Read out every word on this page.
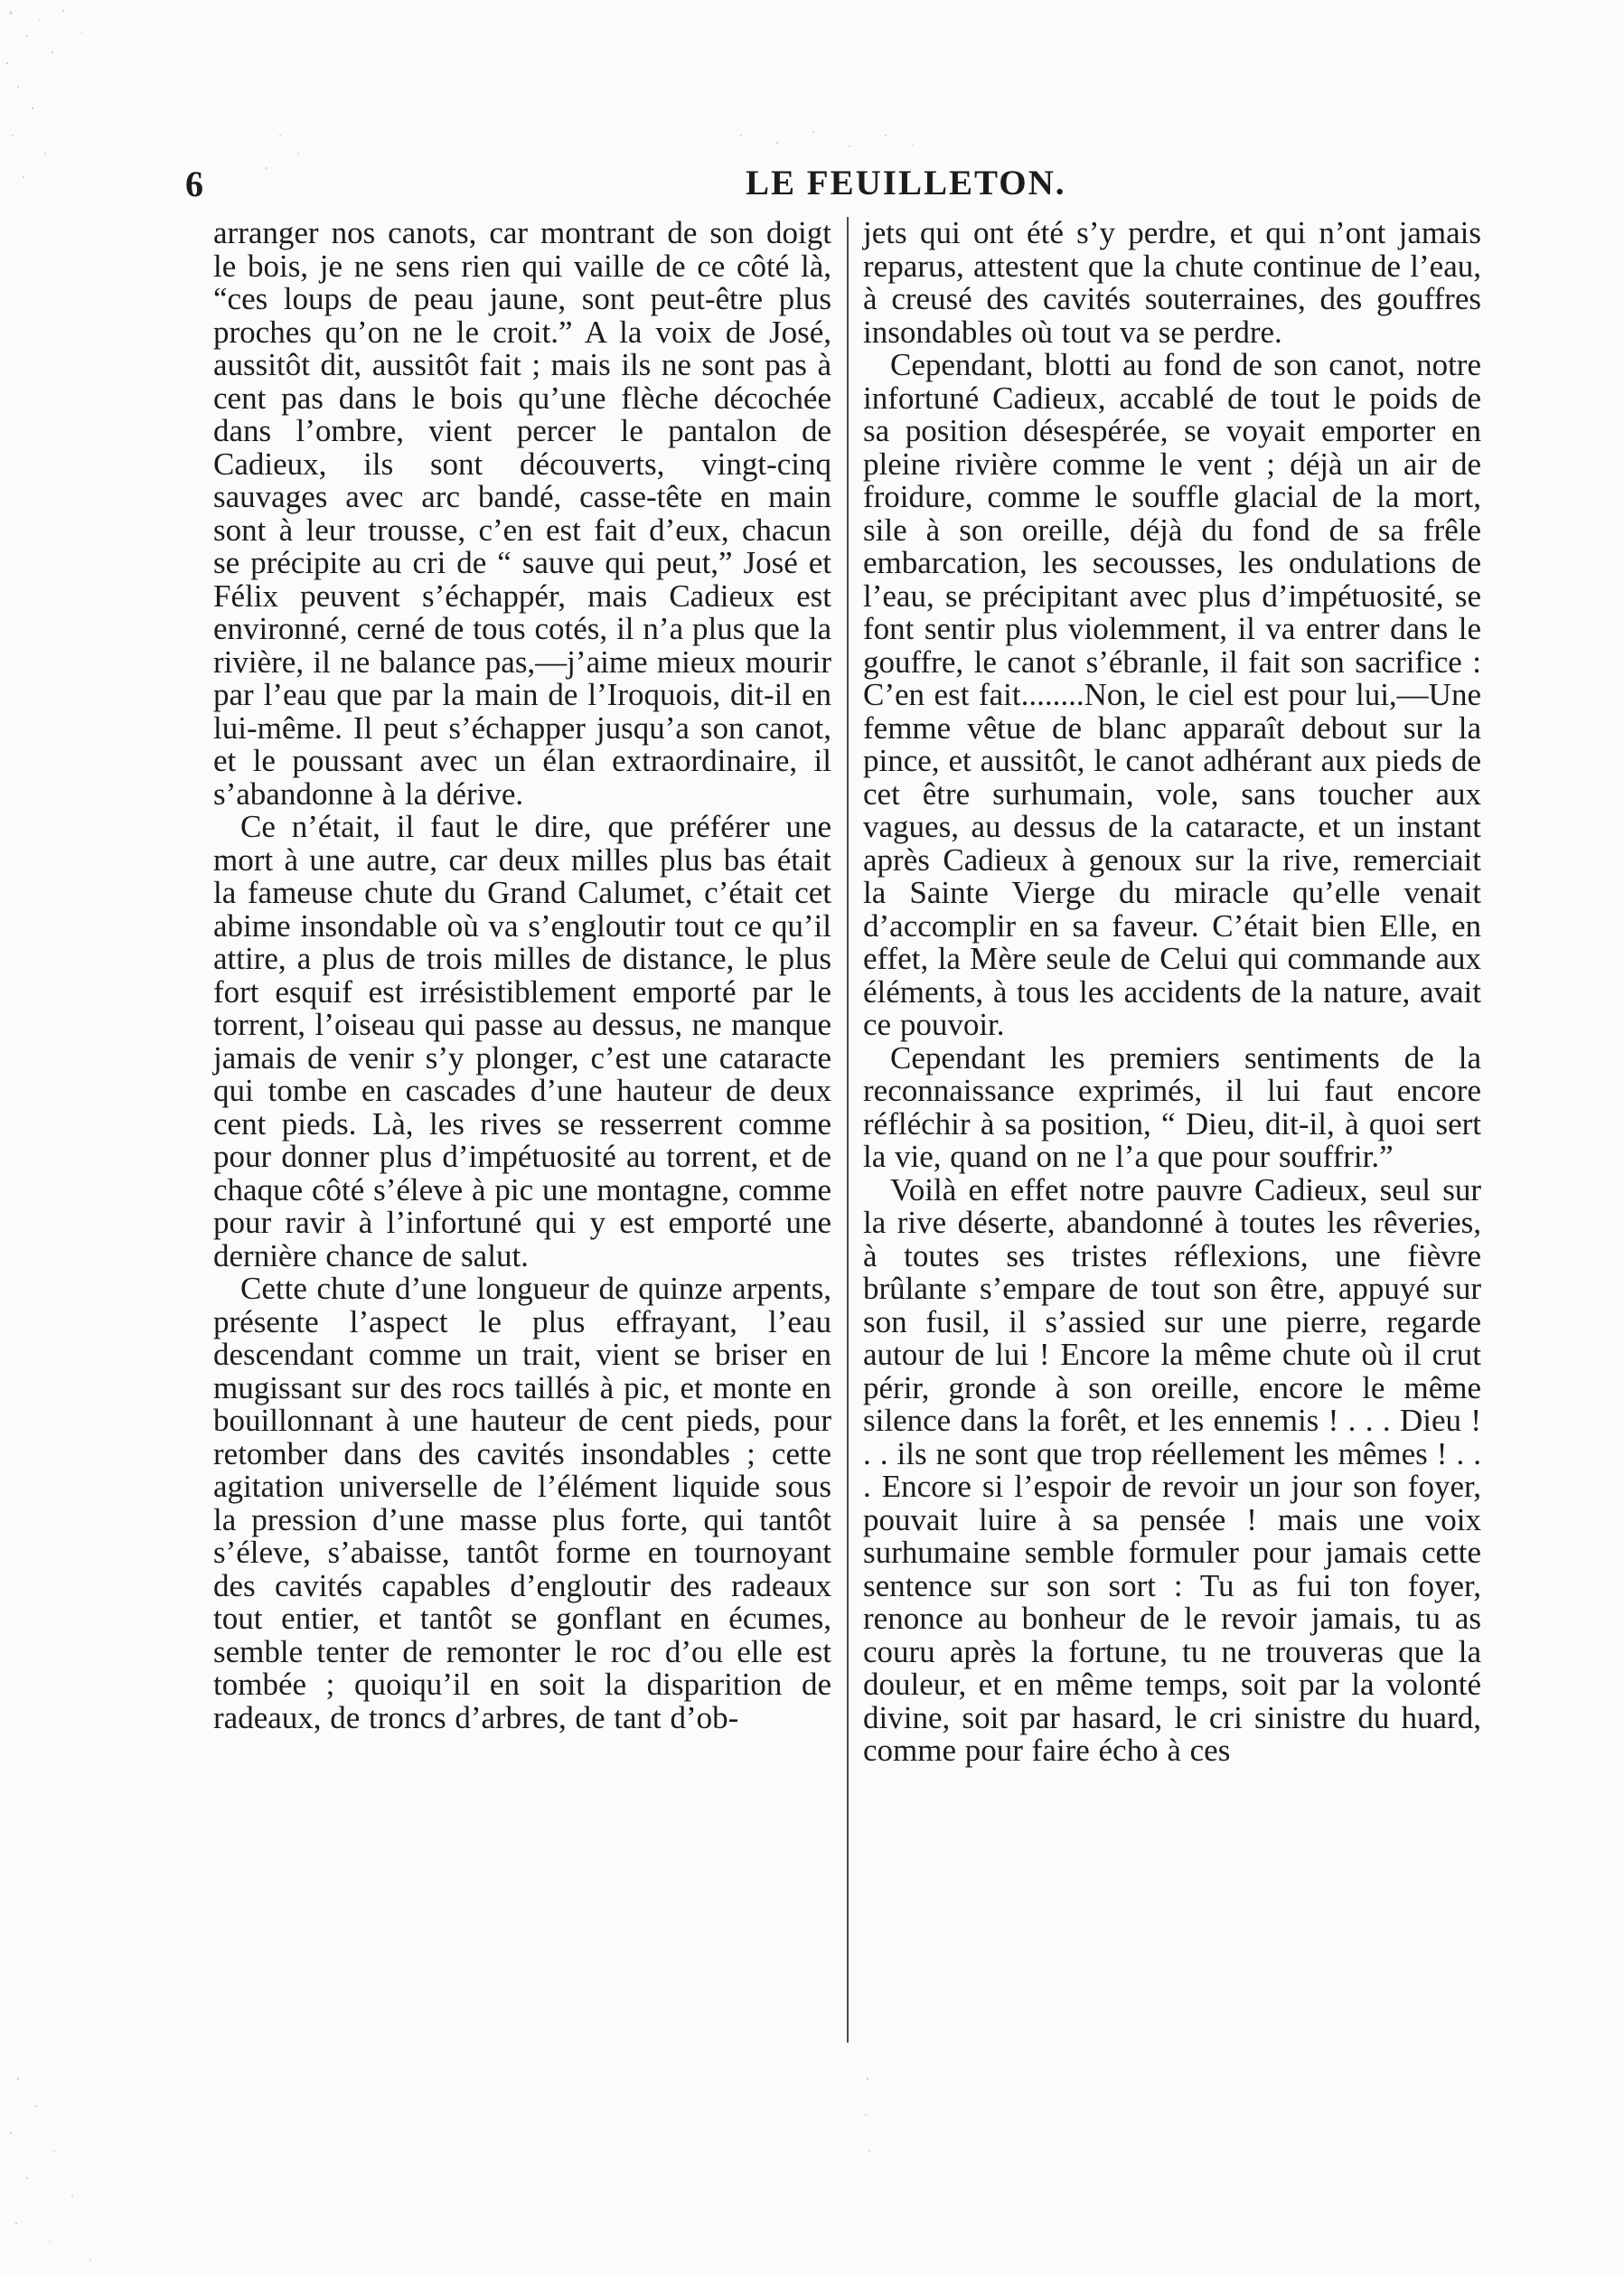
6	LE FEUILLETON.

arranger nos canots, car montrant de son doigt le bois, je ne sens rien qui vaille de ce côté là, “ces loups de peau jaune, sont peut-être plus proches qu’on ne le croit.” A la voix de José, aussitôt dit, aussitôt fait ; mais ils ne sont pas à cent pas dans le bois qu’une flèche décochée dans l’ombre, vient percer le pantalon de Cadieux, ils sont découverts, vingt-cinq sauvages avec arc bandé, casse-tête en main sont à leur trousse, c’en est fait d’eux, chacun se précipite au cri de “ sauve qui peut,” José et Félix peuvent s’échappér, mais Cadieux est environné, cerné de tous cotés, il n’a plus que la rivière, il ne balance pas,—j’aime mieux mourir par l’eau que par la main de l’Iroquois, dit-il en lui-même. Il peut s’échapper jusqu’a son canot, et le poussant avec un élan extraordinaire, il s’abandonne à la dérive.

Ce n’était, il faut le dire, que préférer une mort à une autre, car deux milles plus bas était la fameuse chute du Grand Calumet, c’était cet abime insondable où va s’engloutir tout ce qu’il attire, a plus de trois milles de distance, le plus fort esquif est irrésistiblement emporté par le torrent, l’oiseau qui passe au dessus, ne manque jamais de venir s’y plonger, c’est une cataracte qui tombe en cascades d’une hauteur de deux cent pieds. Là, les rives se resserrent comme pour donner plus d’impétuosité au torrent, et de chaque côté s’éleve à pic une montagne, comme pour ravir à l’infortuné qui y est emporté une dernière chance de salut.

Cette chute d’une longueur de quinze arpents, présente l’aspect le plus effrayant, l’eau descendant comme un trait, vient se briser en mugissant sur des rocs taillés à pic, et monte en bouillonnant à une hauteur de cent pieds, pour retomber dans des cavités insondables ; cette agitation universelle de l’élément liquide sous la pression d’une masse plus forte, qui tantôt s’éleve, s’abaisse, tantôt forme en tournoyant des cavités capables d’engloutir des radeaux tout entier, et tantôt se gonflant en écumes, semble tenter de remonter le roc d’ou elle est tombée ; quoiqu’il en soit la disparition de radeaux, de troncs d’arbres, de tant d’ob-

jets qui ont été s’y perdre, et qui n’ont jamais reparus, attestent que la chute continue de l’eau, à creusé des cavités souterraines, des gouffres insondables où tout va se perdre.

Cependant, blotti au fond de son canot, notre infortuné Cadieux, accablé de tout le poids de sa position désespérée, se voyait emporter en pleine rivière comme le vent ; déjà un air de froidure, comme le souffle glacial de la mort, sile à son oreille, déjà du fond de sa frêle embarcation, les secousses, les ondulations de l’eau, se précipitant avec plus d’impétuosité, se font sentir plus violemment, il va entrer dans le gouffre, le canot s’ébranle, il fait son sacrifice : C’en est fait........Non, le ciel est pour lui,—Une femme vêtue de blanc apparaît debout sur la pince, et aussitôt, le canot adhérant aux pieds de cet être surhumain, vole, sans toucher aux vagues, au dessus de la cataracte, et un instant après Cadieux à genoux sur la rive, remerciait la Sainte Vierge du miracle qu’elle venait d’accomplir en sa faveur. C’était bien Elle, en effet, la Mère seule de Celui qui commande aux éléments, à tous les accidents de la nature, avait ce pouvoir.

Cependant les premiers sentiments de la reconnaissance exprimés, il lui faut encore réfléchir à sa position, “ Dieu, dit-il, à quoi sert la vie, quand on ne l’a que pour souffrir.”

Voilà en effet notre pauvre Cadieux, seul sur la rive déserte, abandonné à toutes les rêveries, à toutes ses tristes réflexions, une fièvre brûlante s’empare de tout son être, appuyé sur son fusil, il s’assied sur une pierre, regarde autour de lui ! Encore la même chute où il crut périr, gronde à son oreille, encore le même silence dans la forêt, et les ennemis ! . . . Dieu ! . . ils ne sont que trop réellement les mêmes ! . . . Encore si l’espoir de revoir un jour son foyer, pouvait luire à sa pensée ! mais une voix surhumaine semble formuler pour jamais cette sentence sur son sort : Tu as fui ton foyer, renonce au bonheur de le revoir jamais, tu as couru après la fortune, tu ne trouveras que la douleur, et en même temps, soit par la volonté divine, soit par hasard, le cri sinistre du huard, comme pour faire écho à ces
